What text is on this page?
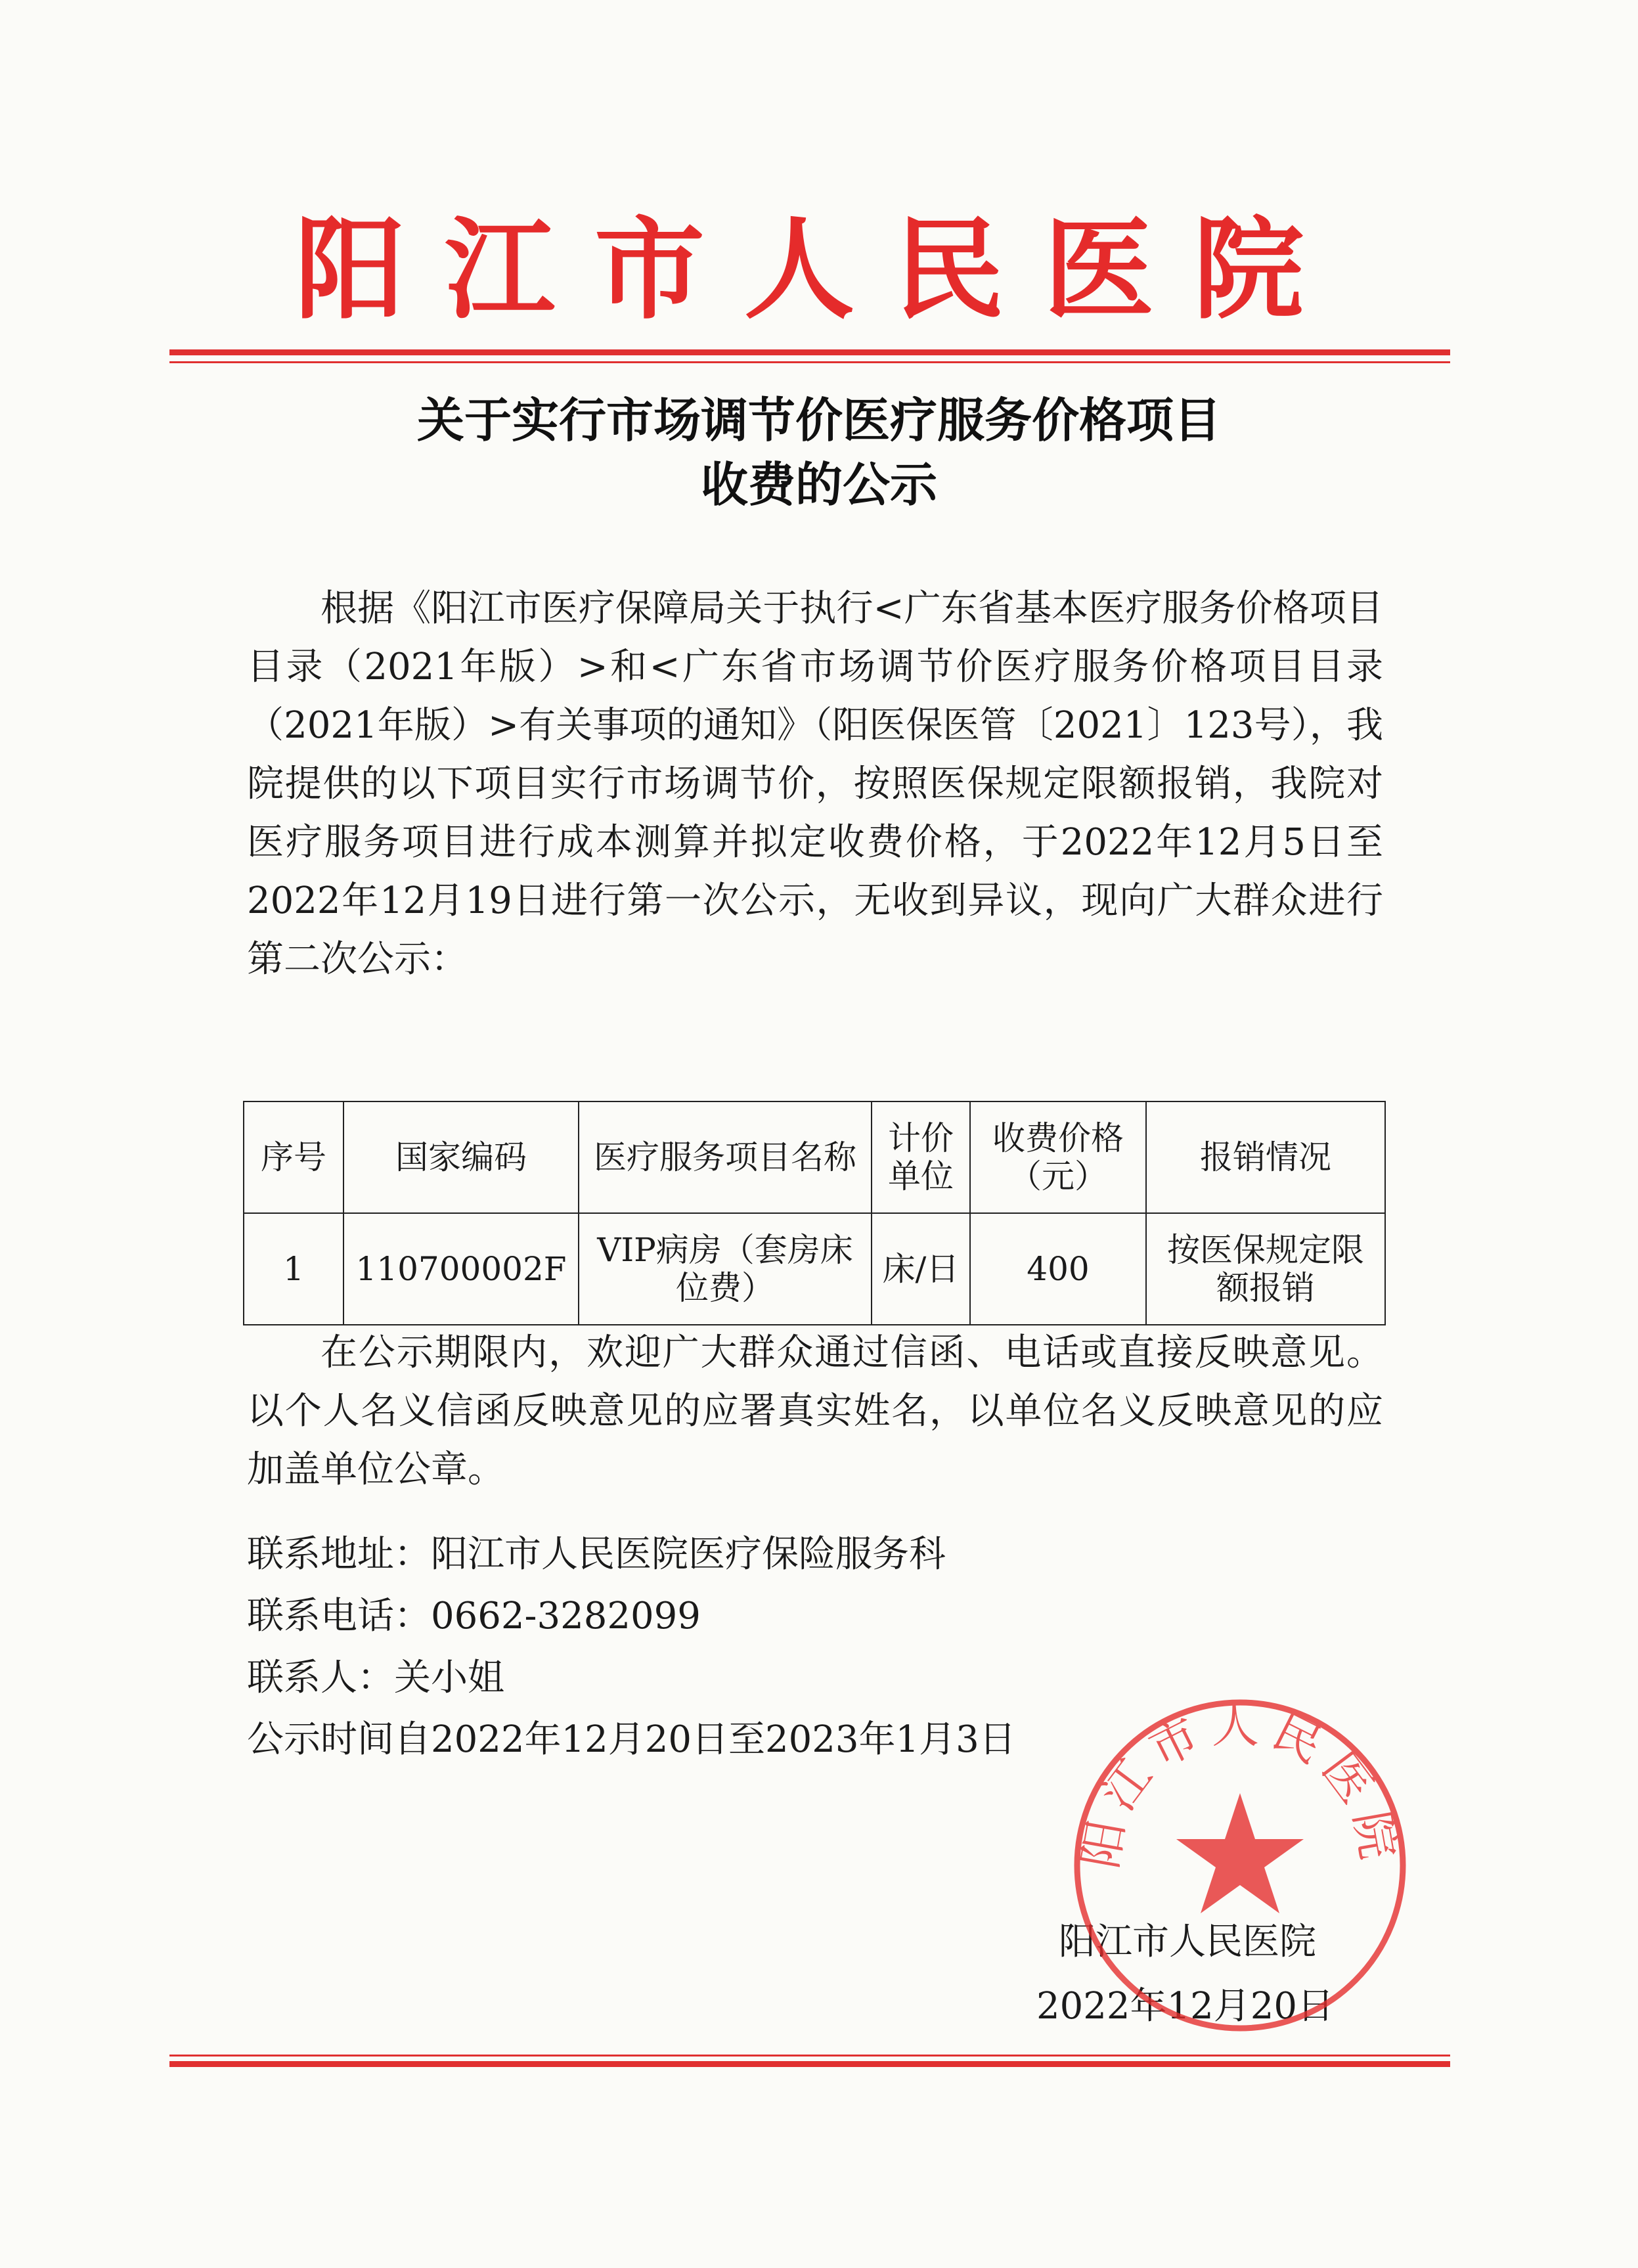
阳江市人民医院
关于实行市场调节价医疗服务价格项目
收费的公示

根据《阳江市医疗保障局关于执行<广东省基本医疗服务价格项目目录（2021年版）>和<广东省市场调节价医疗服务价格项目目录（2021年版）>有关事项的通知》（阳医保医管〔2021〕123号），我院提供的以下项目实行市场调节价，按照医保规定限额报销，我院对医疗服务项目进行成本测算并拟定收费价格，于2022年12月5日至2022年12月19日进行第一次公示，无收到异议，现向广大群众进行第二次公示：

序号	国家编码	医疗服务项目名称	计价单位	收费价格（元）	报销情况
1	110700002F	VIP病房（套房床位费）	床/日	400	按医保规定限额报销

在公示期限内，欢迎广大群众通过信函、电话或直接反映意见。以个人名义信函反映意见的应署真实姓名，以单位名义反映意见的应加盖单位公章。

联系地址：阳江市人民医院医疗保险服务科

联系电话：0662-3282099

联系人：关小姐

公示时间自2022年12月20日至2023年1月3日

阳江市人民医院
2022年12月20日
阳江市人民医院
